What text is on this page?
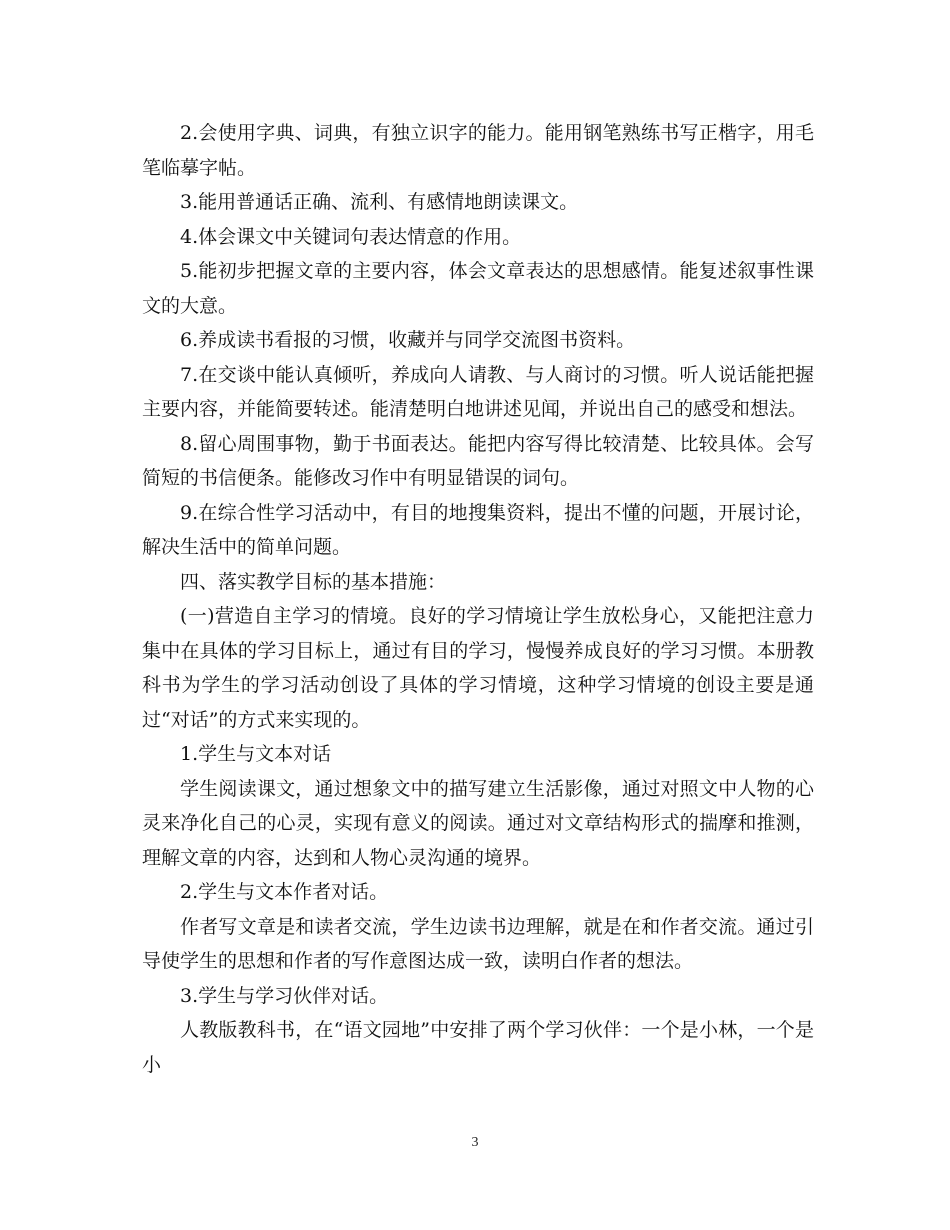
2.会使用字典、词典，有独立识字的能力。能用钢笔熟练书写正楷字，用毛笔临摹字帖。

3.能用普通话正确、流利、有感情地朗读课文。

4.体会课文中关键词句表达情意的作用。

5.能初步把握文章的主要内容，体会文章表达的思想感情。能复述叙事性课文的大意。

6.养成读书看报的习惯，收藏并与同学交流图书资料。

7.在交谈中能认真倾听，养成向人请教、与人商讨的习惯。听人说话能把握主要内容，并能简要转述。能清楚明白地讲述见闻，并说出自己的感受和想法。

8.留心周围事物，勤于书面表达。能把内容写得比较清楚、比较具体。会写简短的书信便条。能修改习作中有明显错误的词句。

9.在综合性学习活动中，有目的地搜集资料，提出不懂的问题，开展讨论，解决生活中的简单问题。

四、落实教学目标的基本措施：

(一)营造自主学习的情境。良好的学习情境让学生放松身心，又能把注意力集中在具体的学习目标上，通过有目的学习，慢慢养成良好的学习习惯。本册教科书为学生的学习活动创设了具体的学习情境，这种学习情境的创设主要是通过“对话”的方式来实现的。

1.学生与文本对话

学生阅读课文，通过想象文中的描写建立生活影像，通过对照文中人物的心灵来净化自己的心灵，实现有意义的阅读。通过对文章结构形式的揣摩和推测，理解文章的内容，达到和人物心灵沟通的境界。

2.学生与文本作者对话。

作者写文章是和读者交流，学生边读书边理解，就是在和作者交流。通过引导使学生的思想和作者的写作意图达成一致，读明白作者的想法。

3.学生与学习伙伴对话。

人教版教科书，在“语文园地”中安排了两个学习伙伴：一个是小林，一个是小

3
